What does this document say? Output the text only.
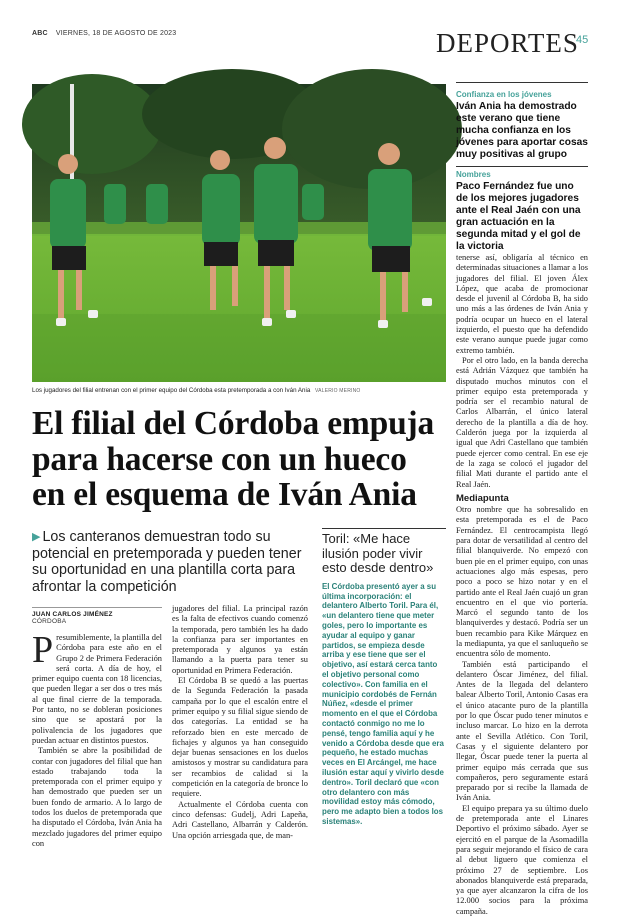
ABC VIERNES, 18 DE AGOSTO DE 2023	DEPORTES
45
Los jugadores del filial entrenan con el primer equipo del Córdoba esta pretemporada a con Iván Ania VALERIO MERINO
Confianza en los jóvenes
Iván Ania ha demostrado este verano que tiene mucha confianza en los jóvenes para aportar cosas muy positivas al grupo
Nombres
Paco Fernández fue uno de los mejores jugadores ante el Real Jaén con una gran actuación en la segunda mitad y el gol de la victoria

tenerse así, obligaría al técnico en determinadas situaciones a llamar a los jugadores del filial. El joven Álex López, que acaba de promocionar desde el juvenil al Córdoba B, ha sido uno más a las órdenes de Iván Ania y podría ocupar un hueco en el lateral izquierdo, el puesto que ha defendido este verano aunque puede jugar como extremo también.

Por el otro lado, en la banda derecha está Adrián Vázquez que también ha disputado muchos minutos con el primer equipo esta pretemporada y podría ser el recambio natural de Carlos Albarrán, el único lateral derecho de la plantilla a día de hoy. Calderón juega por la izquierda al igual que Adri Castellano que también puede ejercer como central. En ese eje de la zaga se colocó el jugador del filial Mati durante el partido ante el Real Jaén.

Mediapunta

Otro nombre que ha sobresalido en esta pretemporada es el de Paco Fernández. El centrocampista llegó para dotar de versatilidad al centro del filial blanquiverde. No empezó con buen pie en el primer equipo, con unas actuaciones algo más espesas, pero poco a poco se hizo notar y en el partido ante el Real Jaén cuajó un gran encuentro en el que vio portería. Marcó el segundo tanto de los blanquiverdes y destacó. Podría ser un buen recambio para Kike Márquez en la mediapunta, ya que el sanluqueño se encuentra sólo de momento.

También está participando el delantero Óscar Jiménez, del filial. Antes de la llegada del delantero balear Alberto Toril, Antonio Casas era el único atacante puro de la plantilla por lo que Óscar pudo tener minutos e incluso marcar. Lo hizo en la derrota ante el Sevilla Atlético. Con Toril, Casas y el siguiente delantero por llegar, Óscar puede tener la puerta al primer equipo más cerrada que sus compañeros, pero seguramente estará preparado por si recibe la llamada de Iván Ania.

El equipo prepara ya su último duelo de pretemporada ante el Linares Deportivo el próximo sábado. Ayer se ejercitó en el parque de la Asomadilla para seguir mejorando el físico de cara al debut liguero que comienza el próximo 27 de septiembre. Los abonados blanquiverde está preparada, ya que ayer alcanzaron la cifra de los 12.000 socios para la próxima campaña.

El filial del Córdoba empuja para hacerse con un hueco en el esquema de Iván Ania
▶ Los canteranos demuestran todo su potencial en pretemporada y pueden tener su oportunidad en una plantilla corta para afrontar la competición
JUAN CARLOS JIMÉNEZ
CÓRDOBA

Presumiblemente, la plantilla del Córdoba para este año en el Grupo 2 de Primera Federación será corta. A día de hoy, el primer equipo cuenta con 18 licencias, que pueden llegar a ser dos o tres más al que final cierre de la temporada. Por tanto, no se dobleran posiciones sino que se apostará por la polivalencia de los jugadores que puedan actuar en distintos puestos.

También se abre la posibilidad de contar con jugadores del filial que han estado trabajando toda la pretemporada con el primer equipo y han demostrado que pueden ser un buen fondo de armario. A lo largo de todos los duelos de pretemporada que ha disputado el Córdoba, Iván Ania ha mezclado jugadores del primer equipo con

jugadores del filial. La principal razón es la falta de efectivos cuando comenzó la temporada, pero también les ha dado la confianza para ser importantes en pretemporada y algunos ya están llamando a la puerta para tener su oportunidad en Primera Federación.

El Córdoba B se quedó a las puertas de la Segunda Federación la pasada campaña por lo que el escalón entre el primer equipo y su filial sigue siendo de dos categorías. La entidad se ha reforzado bien en este mercado de fichajes y algunos ya han conseguido dejar buenas sensaciones en los duelos amistosos y mostrar su candidatura para ser recambios de calidad si la competición en la categoría de bronce lo requiere.

Actualmente el Córdoba cuenta con cinco defensas: Gudelj, Adri Lapeña, Adri Castellano, Albarrán y Calderón. Una opción arriesgada que, de man-

Toril: «Me hace ilusión poder vivir esto desde dentro»
El Córdoba presentó ayer a su última incorporación: el delantero Alberto Toril. Para él, «un delantero tiene que meter goles, pero lo importante es ayudar al equipo y ganar partidos, se empieza desde arriba y ese tiene que ser el objetivo, así estará cerca tanto el objetivo personal como colectivo». Con familia en el municipio cordobés de Fernán Núñez, «desde el primer momento en el que el Córdoba contactó conmigo no me lo pensé, tengo familia aquí y he venido a Córdoba desde que era pequeño, he estado muchas veces en El Arcángel, me hace ilusión estar aquí y vivirlo desde dentro». Toril declaró que «con otro delantero con más movilidad estoy más cómodo, pero me adapto bien a todos los sistemas».
